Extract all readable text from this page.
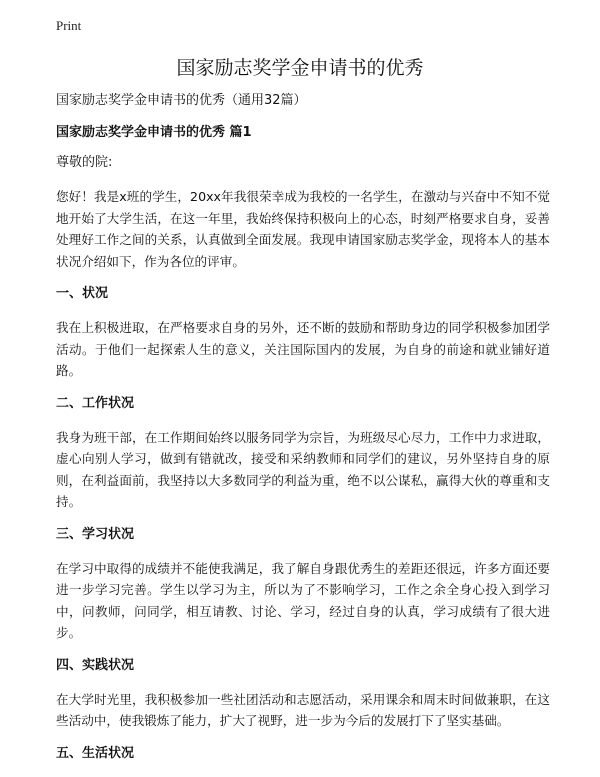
Print
国家励志奖学金申请书的优秀
国家励志奖学金申请书的优秀（通用32篇）
国家励志奖学金申请书的优秀 篇1
尊敬的院:

您好！我是x班的学生，20xx年我很荣幸成为我校的一名学生，在激动与兴奋中不知不觉地开始了大学生活，在这一年里，我始终保持积极向上的心态，时刻严格要求自身，妥善处理好工作之间的关系，认真做到全面发展。我现申请国家励志奖学金，现将本人的基本状况介绍如下，作为各位的评审。

一、状况

我在上积极进取，在严格要求自身的另外，还不断的鼓励和帮助身边的同学积极参加团学活动。于他们一起探索人生的意义，关注国际国内的发展，为自身的前途和就业铺好道路。

二、工作状况

我身为班干部，在工作期间始终以服务同学为宗旨，为班级尽心尽力，工作中力求进取，虚心向别人学习，做到有错就改，接受和采纳教师和同学们的建议，另外坚持自身的原则，在利益面前，我坚持以大多数同学的利益为重，绝不以公谋私，赢得大伙的尊重和支持。

三、学习状况

在学习中取得的成绩并不能使我满足，我了解自身跟优秀生的差距还很远，许多方面还要进一步学习完善。学生以学习为主，所以为了不影响学习，工作之余全身心投入到学习中，问教师，问同学，相互请教、讨论、学习，经过自身的认真，学习成绩有了很大进步。

四、实践状况

在大学时光里，我积极参加一些社团活动和志愿活动，采用课余和周末时间做兼职，在这些活动中，使我锻炼了能力，扩大了视野，进一步为今后的发展打下了坚实基础。

五、生活状况
